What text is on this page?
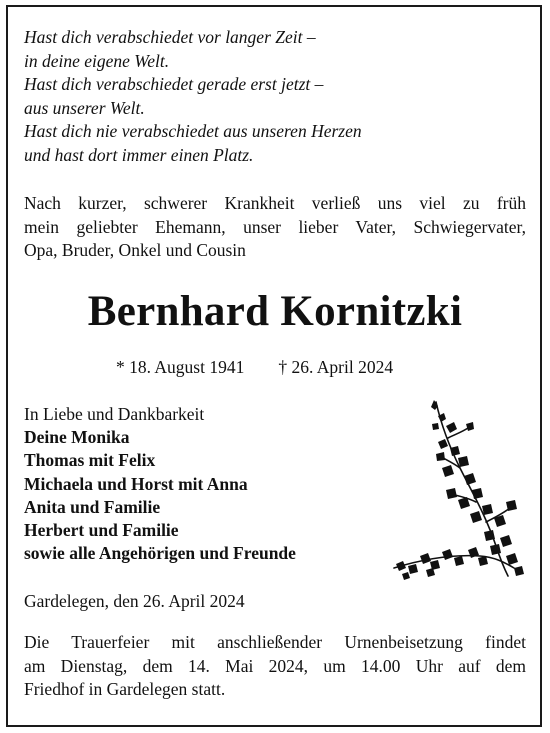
Hast dich verabschiedet vor langer Zeit –
in deine eigene Welt.
Hast dich verabschiedet gerade erst jetzt –
aus unserer Welt.
Hast dich nie verabschiedet aus unseren Herzen
und hast dort immer einen Platz.
Nach kurzer, schwerer Krankheit verließ uns viel zu früh
mein geliebter Ehemann, unser lieber Vater, Schwiegervater,
Opa, Bruder, Onkel und Cousin
Bernhard Kornitzki
* 18. August 1941 † 26. April 2024
In Liebe und Dankbarkeit
Deine Monika
Thomas mit Felix
Michaela und Horst mit Anna
Anita und Familie
Herbert und Familie
sowie alle Angehörigen und Freunde
Gardelegen, den 26. April 2024
Die Trauerfeier mit anschließender Urnenbeisetzung findet
am Dienstag, dem 14. Mai 2024, um 14.00 Uhr auf dem
Friedhof in Gardelegen statt.
